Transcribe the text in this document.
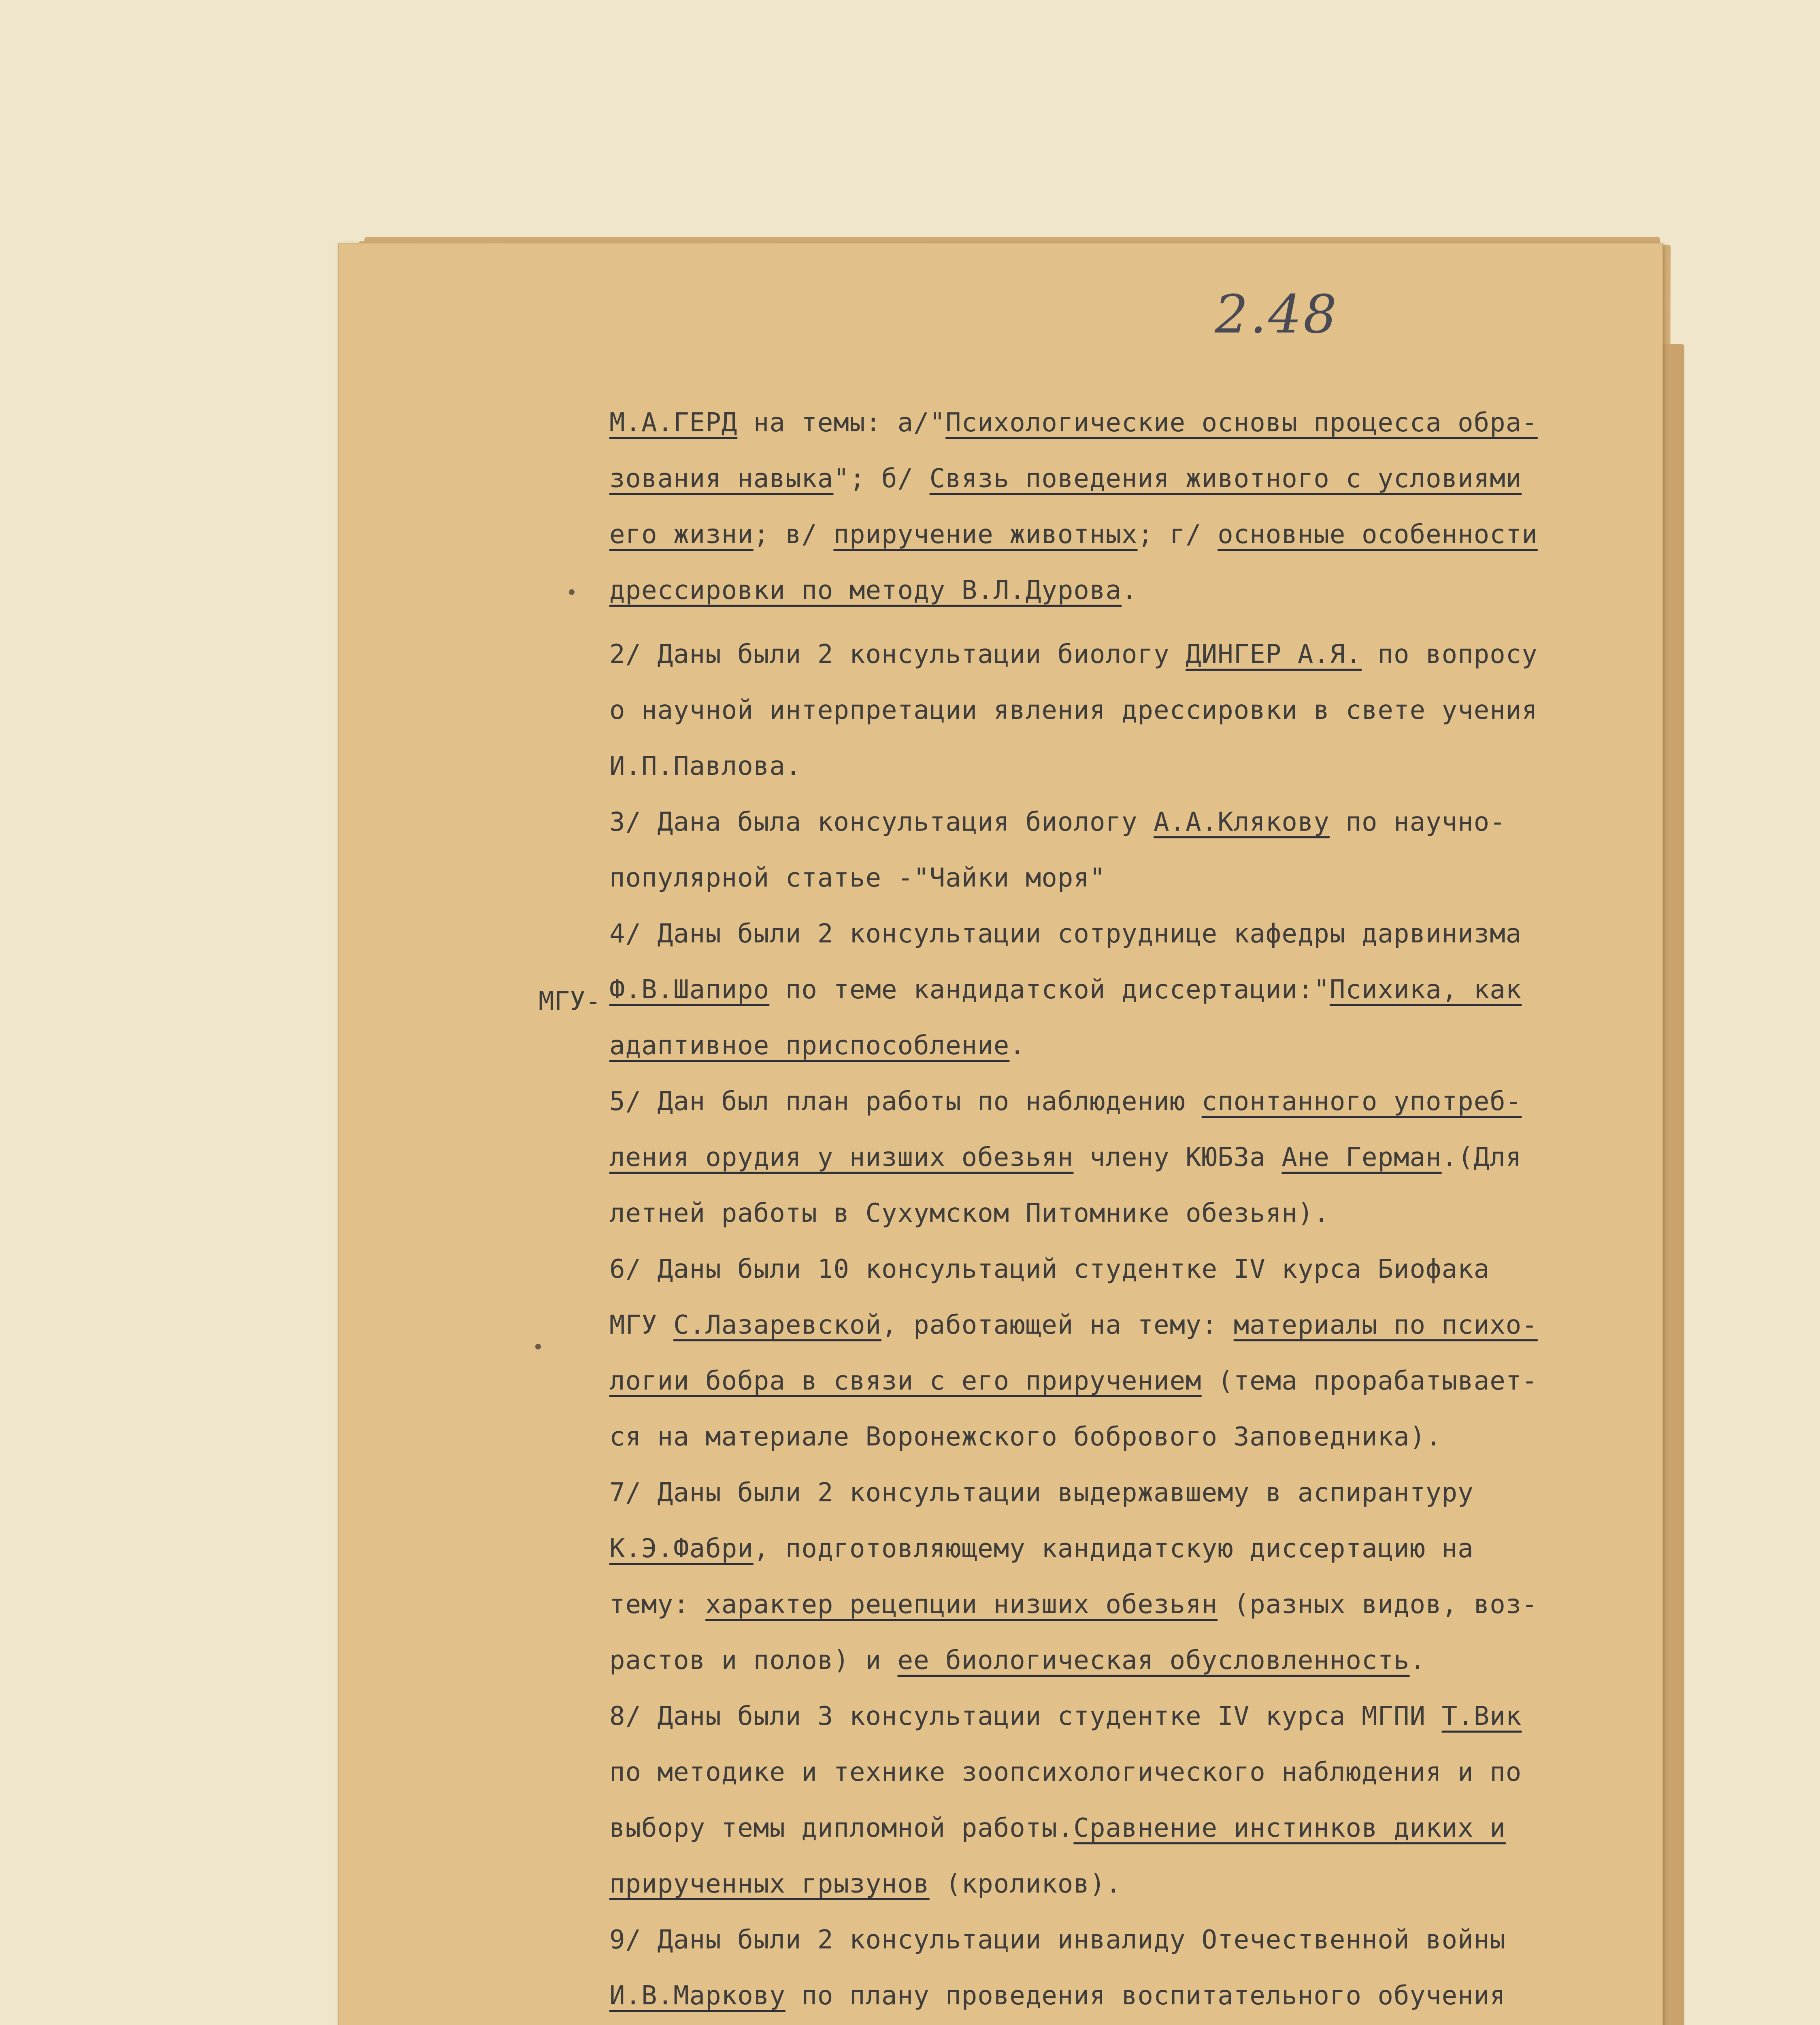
2.48
МГУ-
М.А.ГЕРД на темы: а/"Психологические основы процесса обра-
зования навыка"; б/ Связь поведения животного с условиями
его жизни; в/ приручение животных; г/ основные особенности
дрессировки по методу В.Л.Дурова.
2/ Даны были 2 консультации биологу ДИНГЕР А.Я. по вопросу
о научной интерпретации явления дрессировки в свете учения
И.П.Павлова.
3/ Дана была консультация биологу А.А.Клякову по научно-
популярной статье -"Чайки моря"
4/ Даны были 2 консультации сотруднице кафедры дарвинизма
Ф.В.Шапиро по теме кандидатской диссертации:"Психика, как
адаптивное приспособление.
5/ Дан был план работы по наблюдению спонтанного употреб-
ления орудия у низших обезьян члену КЮБЗа Ане Герман.(Для
летней работы в Сухумском Питомнике обезьян).
6/ Даны были 10 консультаций студентке IV курса Биофака
МГУ С.Лазаревской, работающей на тему: материалы по психо-
логии бобра в связи с его приручением (тема прорабатывает-
ся на материале Воронежского бобрового Заповедника).
7/ Даны были 2 консультации выдержавшему в аспирантуру
К.Э.Фабри, подготовляющему кандидатскую диссертацию на
тему: характер рецепции низших обезьян (разных видов, воз-
растов и полов) и ее биологическая обусловленность.
8/ Даны были 3 консультации студентке IV курса МГПИ Т.Вик
по методике и технике зоопсихологического наблюдения и по
выбору темы дипломной работы.Сравнение инстинков диких и
прирученных грызунов (кроликов).
9/ Даны были 2 консультации инвалиду Отечественной войны
И.В.Маркову по плану проведения воспитательного обучения
